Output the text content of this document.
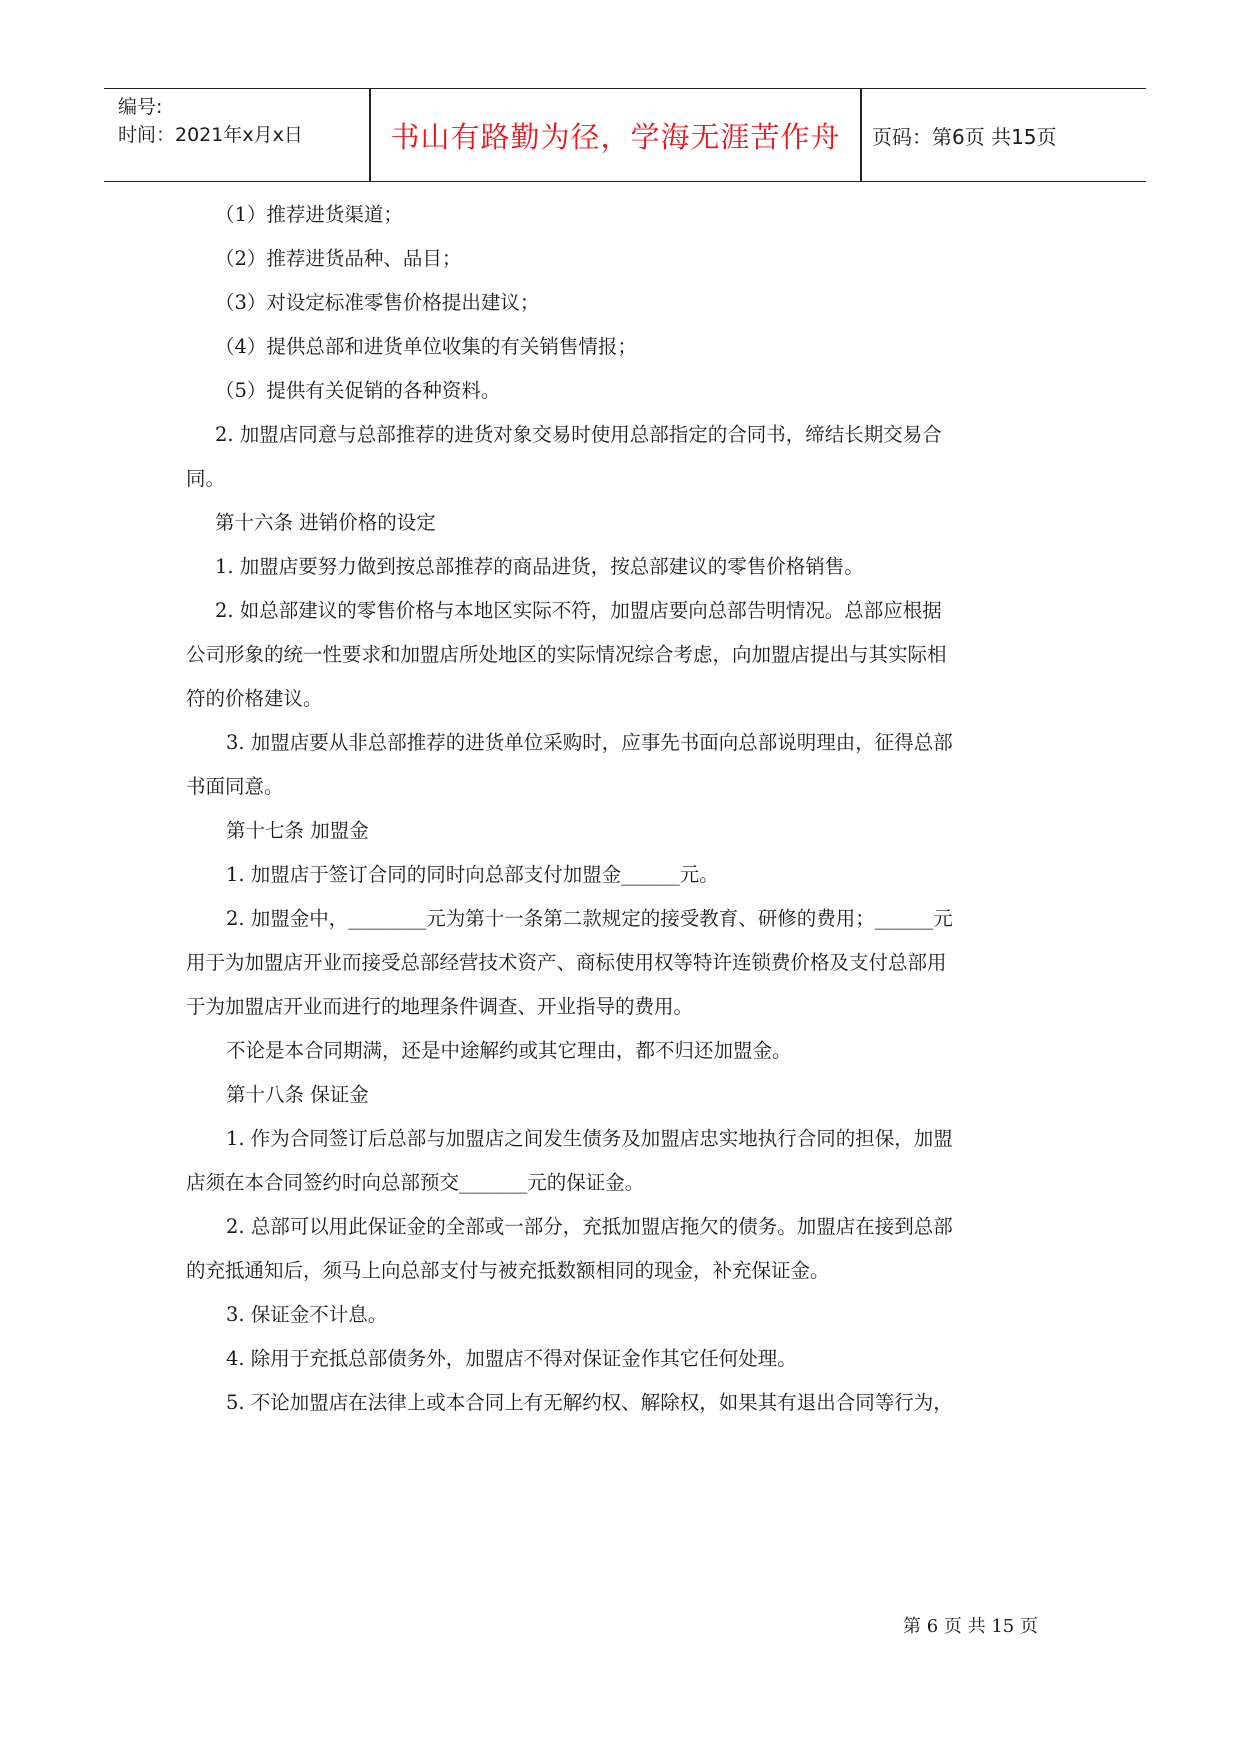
编号:
时间：2021年x月x日	书山有路勤为径，学海无涯苦作舟	页码：第6页 共15页
（1）推荐进货渠道；
（2）推荐进货品种、品目；
（3）对设定标准零售价格提出建议；
（4）提供总部和进货单位收集的有关销售情报；
（5）提供有关促销的各种资料。
2. 加盟店同意与总部推荐的进货对象交易时使用总部指定的合同书，缔结长期交易合
同。
第十六条 进销价格的设定
1. 加盟店要努力做到按总部推荐的商品进货，按总部建议的零售价格销售。
2. 如总部建议的零售价格与本地区实际不符，加盟店要向总部告明情况。总部应根据
公司形象的统一性要求和加盟店所处地区的实际情况综合考虑，向加盟店提出与其实际相
符的价格建议。
3. 加盟店要从非总部推荐的进货单位采购时，应事先书面向总部说明理由，征得总部
书面同意。
第十七条 加盟金
1. 加盟店于签订合同的同时向总部支付加盟金______元。
2. 加盟金中，________元为第十一条第二款规定的接受教育、研修的费用；______元
用于为加盟店开业而接受总部经营技术资产、商标使用权等特许连锁费价格及支付总部用
于为加盟店开业而进行的地理条件调查、开业指导的费用。
不论是本合同期满，还是中途解约或其它理由，都不归还加盟金。
第十八条 保证金
1. 作为合同签订后总部与加盟店之间发生债务及加盟店忠实地执行合同的担保，加盟
店须在本合同签约时向总部预交_______元的保证金。
2. 总部可以用此保证金的全部或一部分，充抵加盟店拖欠的债务。加盟店在接到总部
的充抵通知后，须马上向总部支付与被充抵数额相同的现金，补充保证金。
3. 保证金不计息。
4. 除用于充抵总部债务外，加盟店不得对保证金作其它任何处理。
5. 不论加盟店在法律上或本合同上有无解约权、解除权，如果其有退出合同等行为，
第 6 页 共 15 页
